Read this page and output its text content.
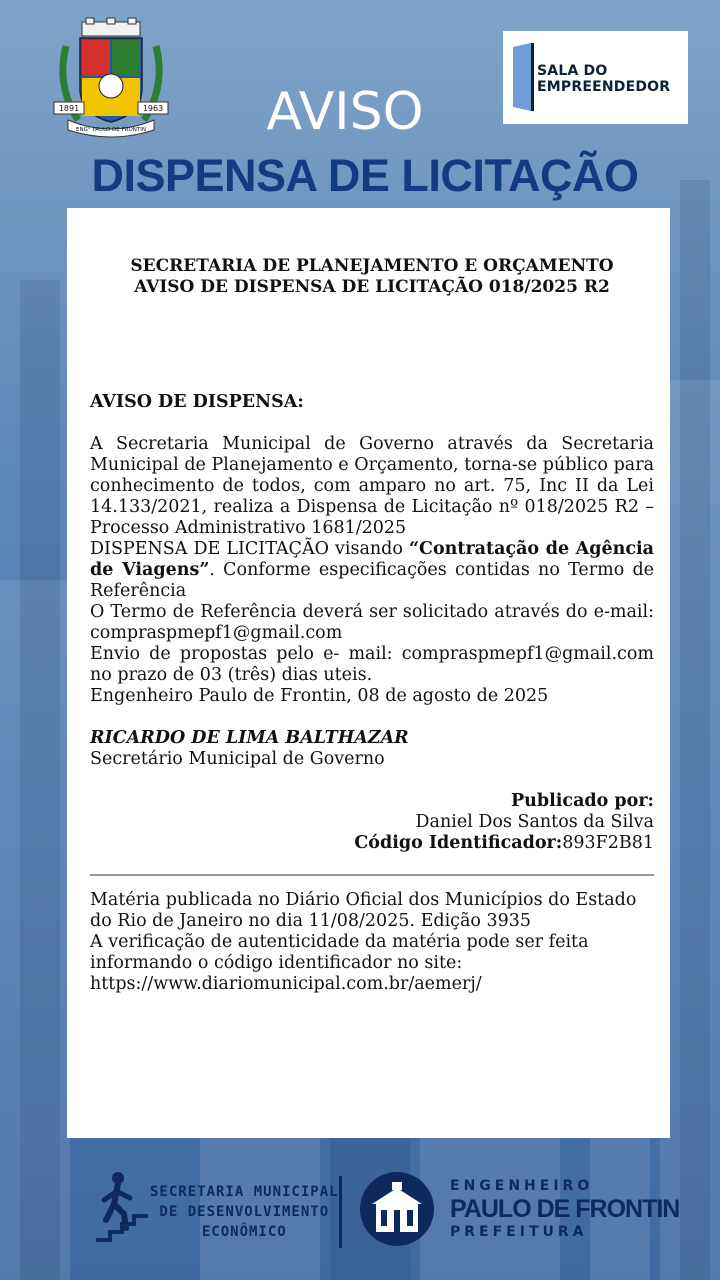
1891	1963
ENG° PAULO DE FRONTIN
SALA DO
EMPREENDEDOR
AVISO
DISPENSA DE LICITAÇÃO
SECRETARIA DE PLANEJAMENTO E ORÇAMENTO
AVISO DE DISPENSA DE LICITAÇÃO 018/2025 R2

AVISO DE DISPENSA:

A Secretaria Municipal de Governo através da Secretaria Municipal de Planejamento e Orçamento, torna-se público para conhecimento de todos, com amparo no art. 75, Inc II da Lei 14.133/2021, realiza a Dispensa de Licitação nº 018/2025 R2 – Processo Administrativo 1681/2025

DISPENSA DE LICITAÇÃO visando “Contratação de Agência de Viagens”. Conforme especificações contidas no Termo de Referência

O Termo de Referência deverá ser solicitado através do e-mail: compraspmepf1@gmail.com

Envio de propostas pelo e- mail: compraspmepf1@gmail.com no prazo de 03 (três) dias uteis.

Engenheiro Paulo de Frontin, 08 de agosto de 2025

RICARDO DE LIMA BALTHAZAR

Secretário Municipal de Governo

Publicado por:

Daniel Dos Santos da Silva

Código Identificador:893F2B81

Matéria publicada no Diário Oficial dos Municípios do Estado do Rio de Janeiro no dia 11/08/2025. Edição 3935

A verificação de autenticidade da matéria pode ser feita informando o código identificador no site: https://www.diariomunicipal.com.br/aemerj/

SECRETARIA MUNICIPAL
DE DESENVOLVIMENTO
ECONÔMICO
ENGENHEIRO
PAULO DE FRONTIN
PREFEITURA
